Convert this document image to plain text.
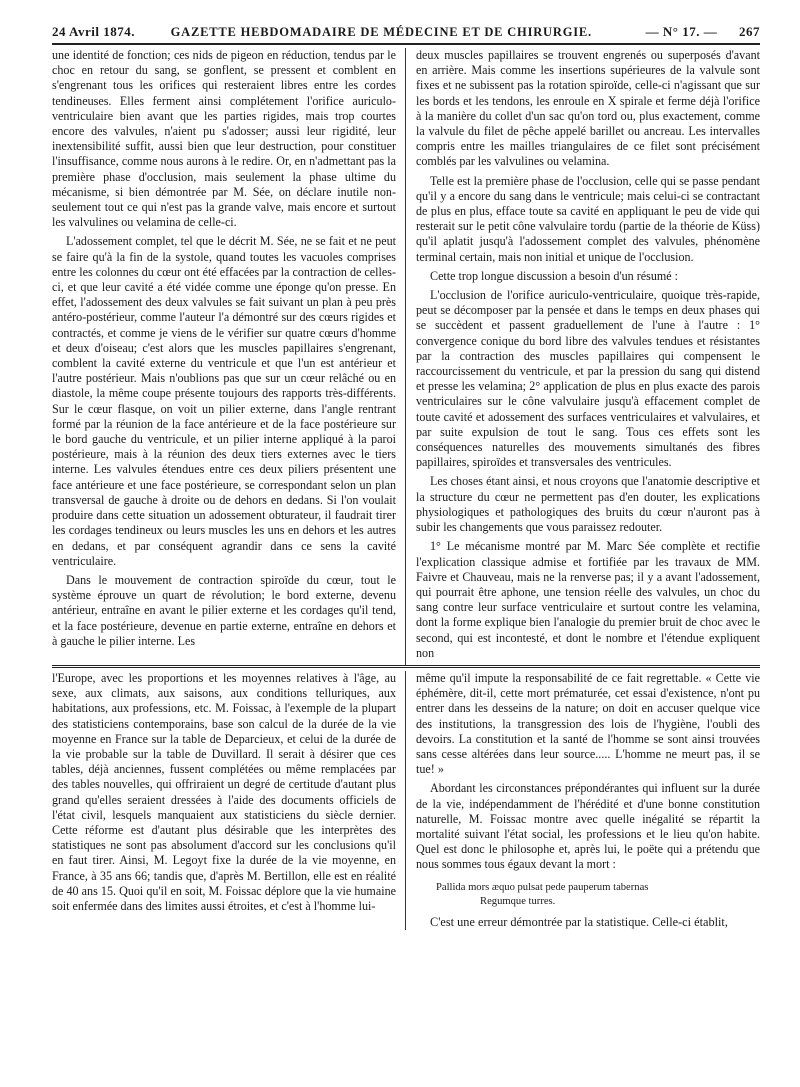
24 Avril 1874.	GAZETTE HEBDOMADAIRE DE MÉDECINE ET DE CHIRURGIE.	— N° 17. — 267

une identité de fonction; ces nids de pigeon en réduction, tendus par le choc en retour du sang, se gonflent, se pressent et comblent en s'engrenant tous les orifices qui resteraient libres entre les cordes tendineuses. Elles ferment ainsi complétement l'orifice auriculo-ventriculaire bien avant que les parties rigides, mais trop courtes encore des valvules, n'aient pu s'adosser; aussi leur rigidité, leur inextensibilité suffit, aussi bien que leur destruction, pour constituer l'insuffisance, comme nous aurons à le redire. Or, en n'admettant pas la première phase d'occlusion, mais seulement la phase ultime du mécanisme, si bien démontrée par M. Sée, on déclare inutile non-seulement tout ce qui n'est pas la grande valve, mais encore et surtout les valvulines ou velamina de celle-ci.

L'adossement complet, tel que le décrit M. Sée, ne se fait et ne peut se faire qu'à la fin de la systole, quand toutes les vacuoles comprises entre les colonnes du cœur ont été effacées par la contraction de celles-ci, et que leur cavité a été vidée comme une éponge qu'on presse. En effet, l'adossement des deux valvules se fait suivant un plan à peu près antéro-postérieur, comme l'auteur l'a démontré sur des cœurs rigides et contractés, et comme je viens de le vérifier sur quatre cœurs d'homme et deux d'oiseau; c'est alors que les muscles papillaires s'engrenant, comblent la cavité externe du ventricule et que l'un est antérieur et l'autre postérieur. Mais n'oublions pas que sur un cœur relâché ou en diastole, la même coupe présente toujours des rapports très-différents. Sur le cœur flasque, on voit un pilier externe, dans l'angle rentrant formé par la réunion de la face antérieure et de la face postérieure sur le bord gauche du ventricule, et un pilier interne appliqué à la paroi postérieure, mais à la réunion des deux tiers externes avec le tiers interne. Les valvules étendues entre ces deux piliers présentent une face antérieure et une face postérieure, se correspondant selon un plan transversal de gauche à droite ou de dehors en dedans. Si l'on voulait produire dans cette situation un adossement obturateur, il faudrait tirer les cordages tendineux ou leurs muscles les uns en dehors et les autres en dedans, et par conséquent agrandir dans ce sens la cavité ventriculaire.

Dans le mouvement de contraction spiroïde du cœur, tout le système éprouve un quart de révolution; le bord externe, devenu antérieur, entraîne en avant le pilier externe et les cordages qu'il tend, et la face postérieure, devenue en partie externe, entraîne en dehors et à gauche le pilier interne. Les

deux muscles papillaires se trouvent engrenés ou superposés d'avant en arrière. Mais comme les insertions supérieures de la valvule sont fixes et ne subissent pas la rotation spiroïde, celle-ci n'agissant que sur les bords et les tendons, les enroule en X spirale et ferme déjà l'orifice à la manière du collet d'un sac qu'on tord ou, plus exactement, comme la valvule du filet de pêche appelé barillet ou ancreau. Les intervalles compris entre les mailles triangulaires de ce filet sont précisément comblés par les valvulines ou velamina.

Telle est la première phase de l'occlusion, celle qui se passe pendant qu'il y a encore du sang dans le ventricule; mais celui-ci se contractant de plus en plus, efface toute sa cavité en appliquant le peu de vide qui resterait sur le petit cône valvulaire tordu (partie de la théorie de Küss) qu'il aplatit jusqu'à l'adossement complet des valvules, phénomène terminal certain, mais non initial et unique de l'occlusion.

Cette trop longue discussion a besoin d'un résumé :

L'occlusion de l'orifice auriculo-ventriculaire, quoique très-rapide, peut se décomposer par la pensée et dans le temps en deux phases qui se succèdent et passent graduellement de l'une à l'autre : 1° convergence conique du bord libre des valvules tendues et résistantes par la contraction des muscles papillaires qui compensent le raccourcissement du ventricule, et par la pression du sang qui distend et presse les velamina; 2° application de plus en plus exacte des parois ventriculaires sur le cône valvulaire jusqu'à effacement complet de toute cavité et adossement des surfaces ventriculaires et valvulaires, et par suite expulsion de tout le sang. Tous ces effets sont les conséquences naturelles des mouvements simultanés des fibres papillaires, spiroïdes et transversales des ventricules.

Les choses étant ainsi, et nous croyons que l'anatomie descriptive et la structure du cœur ne permettent pas d'en douter, les explications physiologiques et pathologiques des bruits du cœur n'auront pas à subir les changements que vous paraissez redouter.

1° Le mécanisme montré par M. Marc Sée complète et rectifie l'explication classique admise et fortifiée par les travaux de MM. Faivre et Chauveau, mais ne la renverse pas; il y a avant l'adossement, qui pourrait être aphone, une tension réelle des valvules, un choc du sang contre leur surface ventriculaire et surtout contre les velamina, dont la forme explique bien l'analogie du premier bruit de choc avec le second, qui est incontesté, et dont le nombre et l'étendue expliquent non

l'Europe, avec les proportions et les moyennes relatives à l'âge, au sexe, aux climats, aux saisons, aux conditions telluriques, aux habitations, aux professions, etc. M. Foissac, à l'exemple de la plupart des statisticiens contemporains, base son calcul de la durée de la vie moyenne en France sur la table de Deparcieux, et celui de la durée de la vie probable sur la table de Duvillard. Il serait à désirer que ces tables, déjà anciennes, fussent complétées ou même remplacées par des tables nouvelles, qui offriraient un degré de certitude d'autant plus grand qu'elles seraient dressées à l'aide des documents officiels de l'état civil, lesquels manquaient aux statisticiens du siècle dernier. Cette réforme est d'autant plus désirable que les interprètes des statistiques ne sont pas absolument d'accord sur les conclusions qu'il en faut tirer. Ainsi, M. Legoyt fixe la durée de la vie moyenne, en France, à 35 ans 66; tandis que, d'après M. Bertillon, elle est en réalité de 40 ans 15. Quoi qu'il en soit, M. Foissac déplore que la vie humaine soit enfermée dans des limites aussi étroites, et c'est à l'homme lui-

même qu'il impute la responsabilité de ce fait regrettable. « Cette vie éphémère, dit-il, cette mort prématurée, cet essai d'existence, n'ont pu entrer dans les desseins de la nature; on doit en accuser quelque vice des institutions, la transgression des lois de l'hygiène, l'oubli des devoirs. La constitution et la santé de l'homme se sont ainsi trouvées sans cesse altérées dans leur source..... L'homme ne meurt pas, il se tue! »

Abordant les circonstances prépondérantes qui influent sur la durée de la vie, indépendamment de l'hérédité et d'une bonne constitution naturelle, M. Foissac montre avec quelle inégalité se répartit la mortalité suivant l'état social, les professions et le lieu qu'on habite. Quel est donc le philosophe et, après lui, le poëte qui a prétendu que nous sommes tous égaux devant la mort :

Pallida mors æquo pulsat pede pauperum tabernas
Regumque turres.

C'est une erreur démontrée par la statistique. Celle-ci établit,
